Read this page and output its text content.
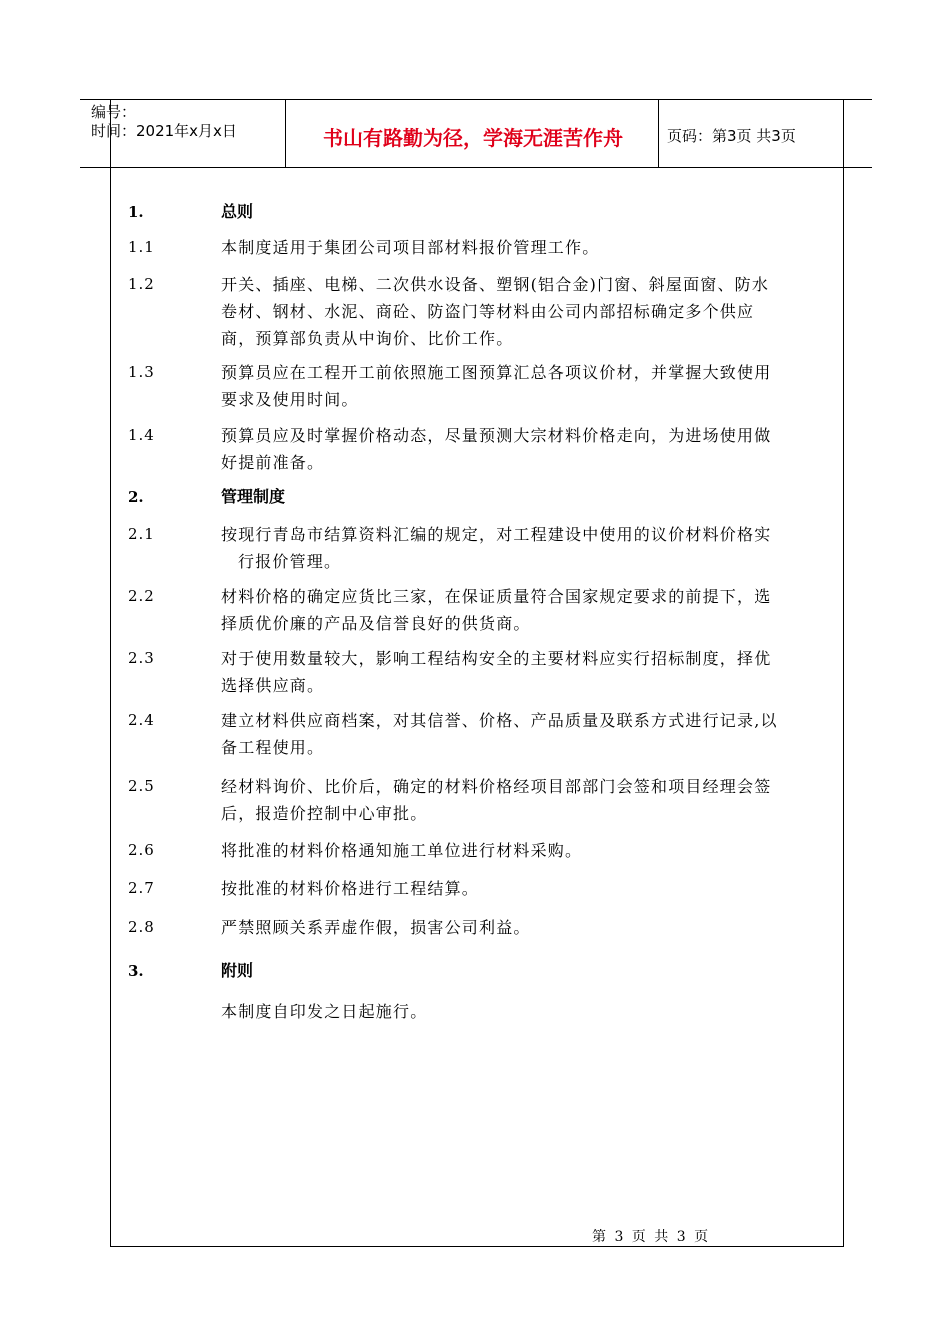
编号：
时间：2021年x月x日	书山有路勤为径，学海无涯苦作舟	页码：第3页 共3页
1.	总则
1.1	本制度适用于集团公司项目部材料报价管理工作。
1.2	开关、插座、电梯、二次供水设备、塑钢(铝合金)门窗、斜屋面窗、防水
卷材、钢材、水泥、商砼、防盗门等材料由公司内部招标确定多个供应
商，预算部负责从中询价、比价工作。
1.3	预算员应在工程开工前依照施工图预算汇总各项议价材，并掌握大致使用
要求及使用时间。
1.4	预算员应及时掌握价格动态，尽量预测大宗材料价格走向，为进场使用做
好提前准备。
2.	管理制度
2.1	按现行青岛市结算资料汇编的规定，对工程建设中使用的议价材料价格实
行报价管理。
2.2	材料价格的确定应货比三家，在保证质量符合国家规定要求的前提下，选
择质优价廉的产品及信誉良好的供货商。
2.3	对于使用数量较大，影响工程结构安全的主要材料应实行招标制度，择优
选择供应商。
2.4	建立材料供应商档案，对其信誉、价格、产品质量及联系方式进行记录,以
备工程使用。
2.5	经材料询价、比价后，确定的材料价格经项目部部门会签和项目经理会签
后，报造价控制中心审批。
2.6	将批准的材料价格通知施工单位进行材料采购。
2.7	按批准的材料价格进行工程结算。
2.8	严禁照顾关系弄虚作假，损害公司利益。
3.	附则
本制度自印发之日起施行。
第 3 页 共 3 页
